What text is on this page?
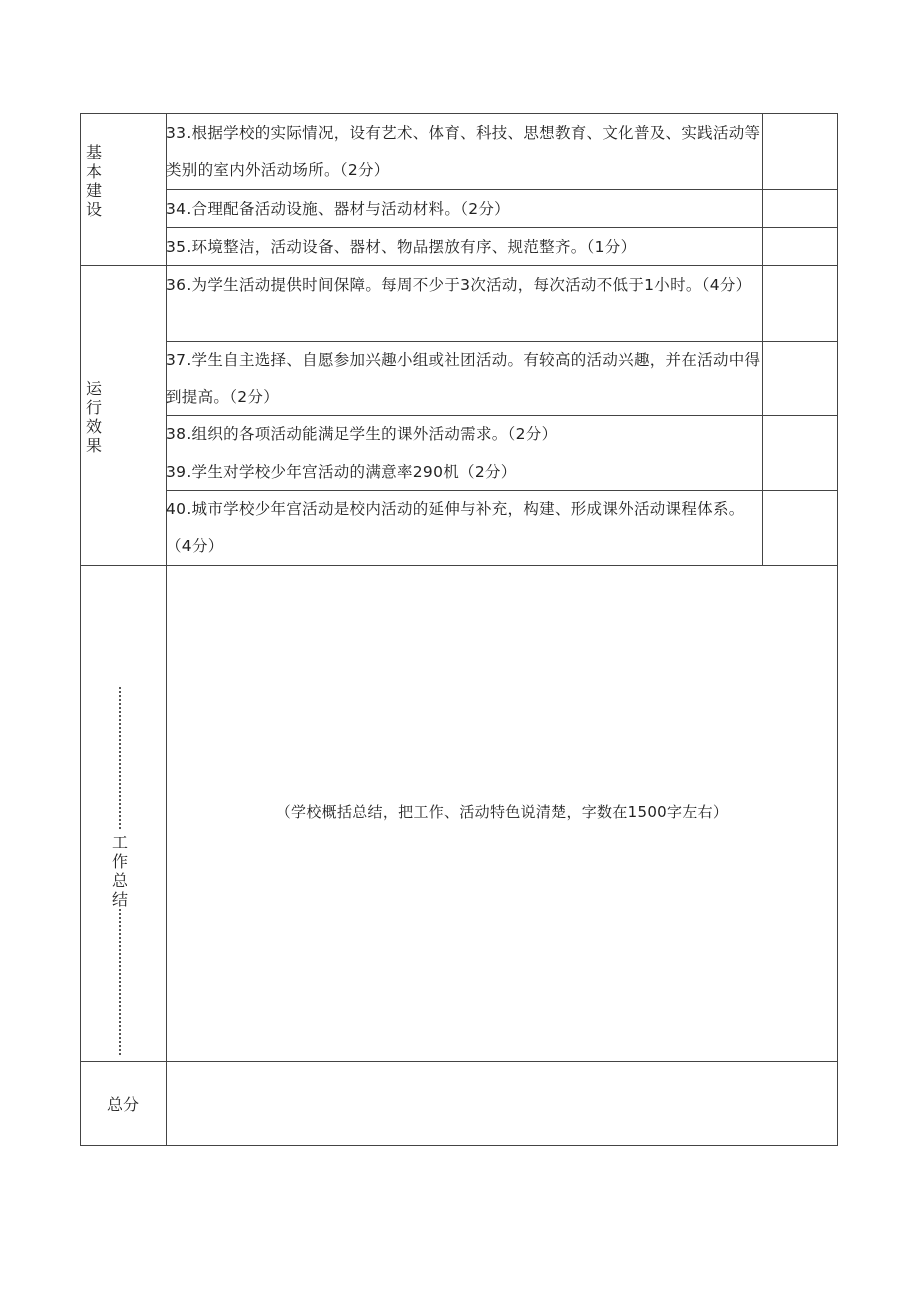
33.根据学校的实际情况，设有艺术、体育、科技、思想教育、文化普及、实践活动等类别的室内外活动场所。（2分）
34.合理配备活动设施、器材与活动材料。（2分）
35.环境整洁，活动设备、器材、物品摆放有序、规范整齐。（1分）
36.为学生活动提供时间保障。每周不少于3次活动，每次活动不低于1小时。（4分）
37.学生自主选择、自愿参加兴趣小组或社团活动。有较高的活动兴趣，并在活动中得到提高。（2分）
38.组织的各项活动能满足学生的课外活动需求。（2分）
39.学生对学校少年宫活动的满意率290机（2分）
40.城市学校少年宫活动是校内活动的延伸与补充，构建、形成课外活动课程体系。（4分）
基
本
建
设
运
行
效
果
工
作
总
结
（学校概括总结，把工作、活动特色说清楚，字数在1500字左右）
总分
